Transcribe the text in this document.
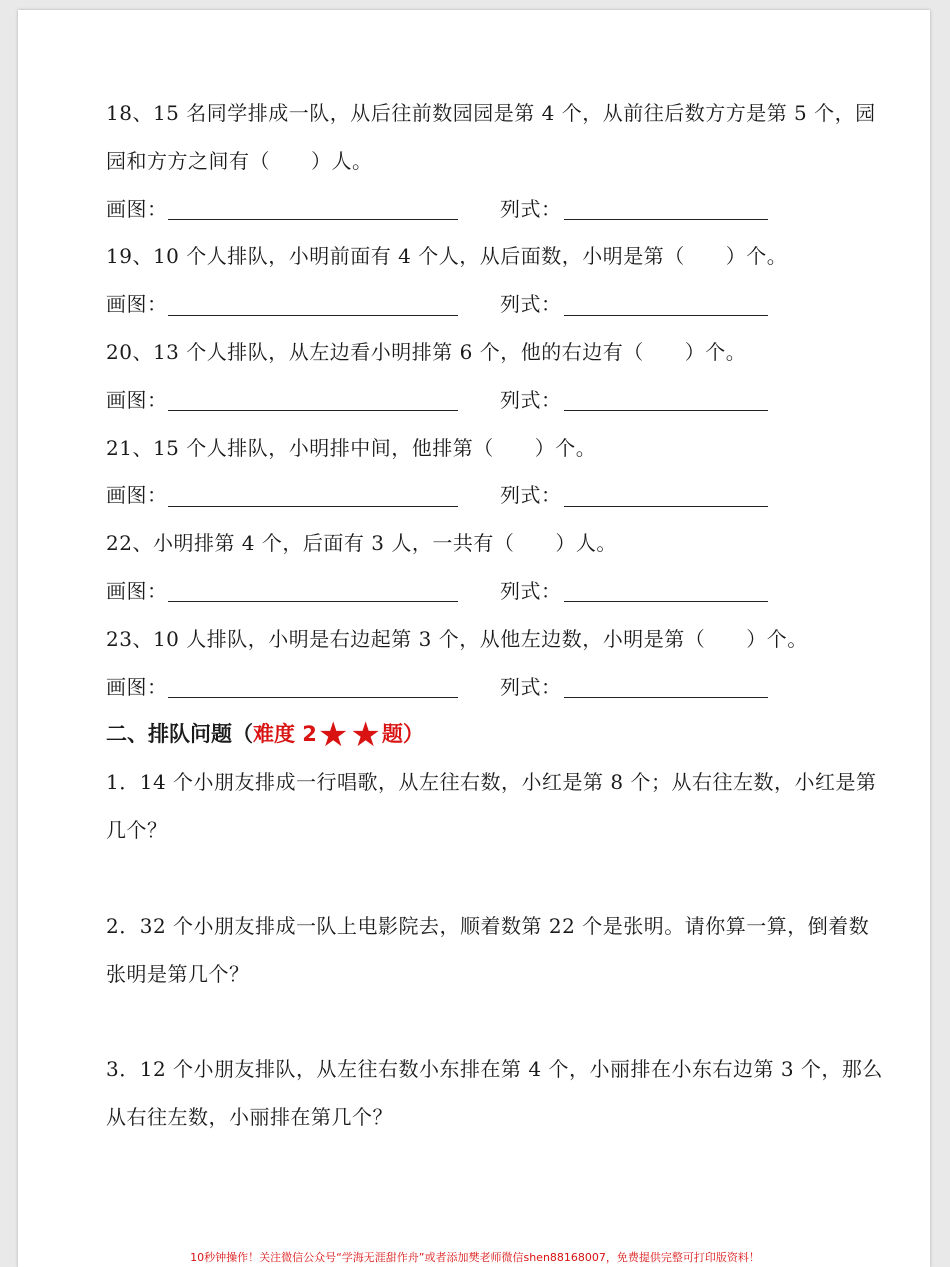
18、15 名同学排成一队，从后往前数园园是第 4 个，从前往后数方方是第 5 个，园
园和方方之间有（　　）人。
画图：	列式：
19、10 个人排队，小明前面有 4 个人，从后面数，小明是第（　　）个。
画图：	列式：
20、13 个人排队，从左边看小明排第 6 个，他的右边有（　　）个。
画图：	列式：
21、15 个人排队，小明排中间，他排第（　　）个。
画图：	列式：
22、小明排第 4 个，后面有 3 人，一共有（　　）人。
画图：	列式：
23、10 人排队，小明是右边起第 3 个，从他左边数，小明是第（　　）个。
画图：	列式：
二、排队问题（ 难度 2 ★ ★ 题）
1．14 个小朋友排成一行唱歌，从左往右数，小红是第 8 个；从右往左数，小红是第
几个？
2．32 个小朋友排成一队上电影院去，顺着数第 22 个是张明。请你算一算，倒着数
张明是第几个？
3．12 个小朋友排队，从左往右数小东排在第 4 个，小丽排在小东右边第 3 个，那么
从右往左数，小丽排在第几个？
10秒钟操作！关注微信公众号“学海无涯甜作舟”或者添加樊老师微信shen88168007，免费提供完整可打印版资料！
